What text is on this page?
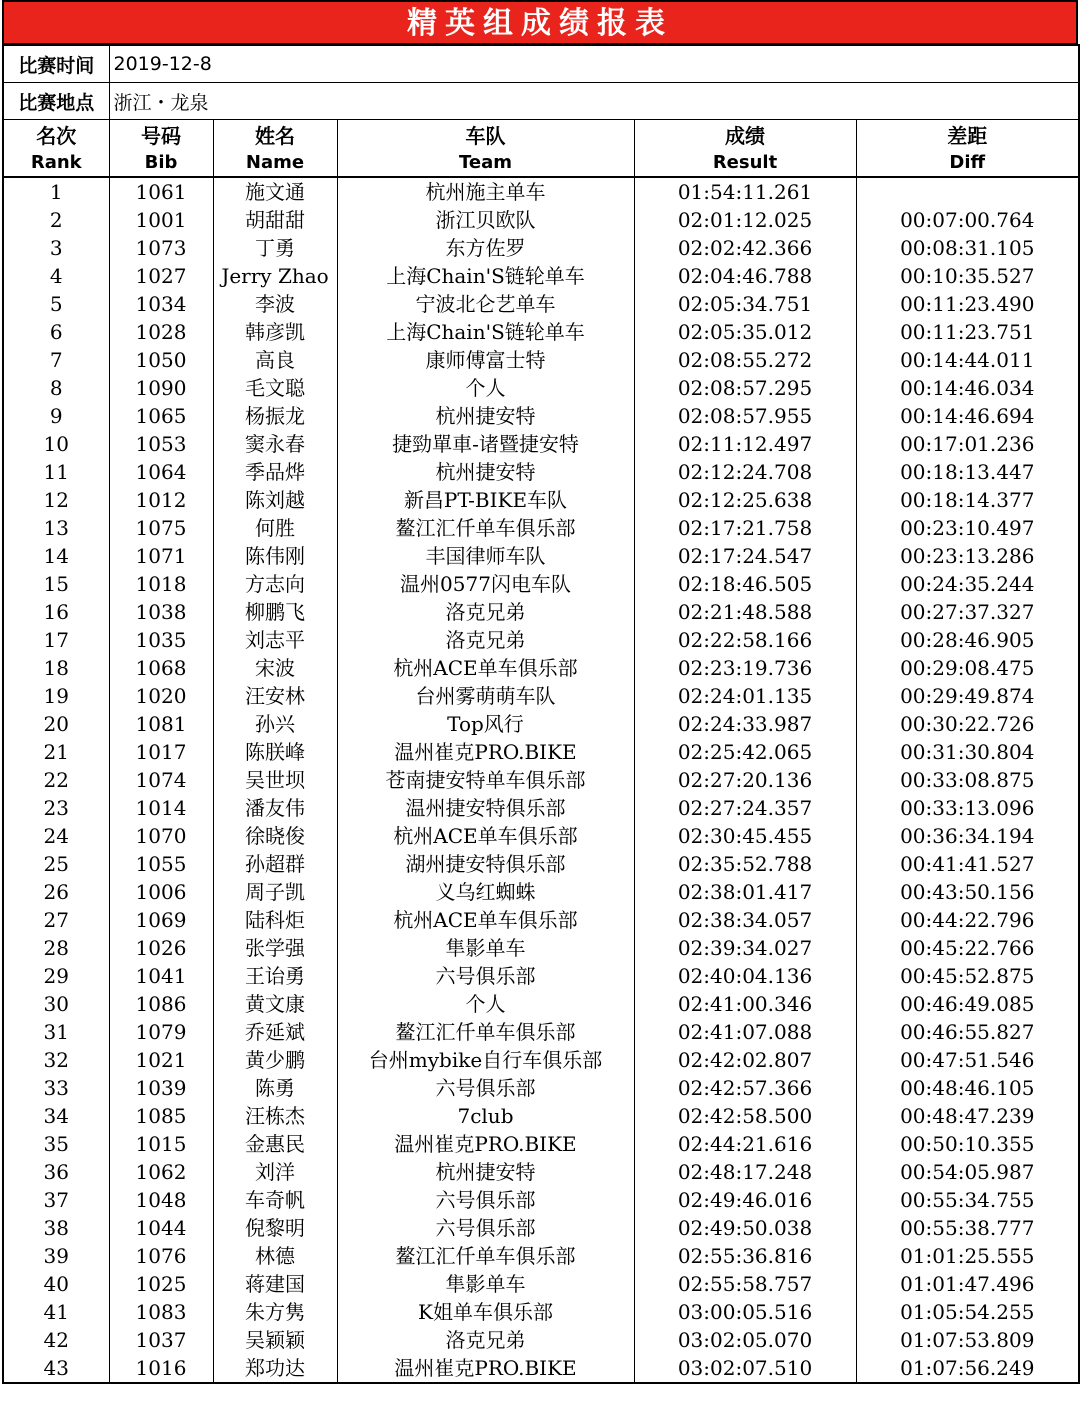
精英组成绩报表
比赛时间	2019-12-8				
比赛地点	浙江・龙泉				
名次	号码	姓名	车队	成绩	差距
Rank	Bib	Name	Team	Result	Diff
1	1061	施文通	杭州施主单车	01:54:11.261	
2	1001	胡甜甜	浙江贝欧队	02:01:12.025	00:07:00.764
3	1073	丁勇	东方佐罗	02:02:42.366	00:08:31.105
4	1027	Jerry Zhao	上海Chain'S链轮单车	02:04:46.788	00:10:35.527
5	1034	李波	宁波北仑艺单车	02:05:34.751	00:11:23.490
6	1028	韩彦凯	上海Chain'S链轮单车	02:05:35.012	00:11:23.751
7	1050	高良	康师傅富士特	02:08:55.272	00:14:44.011
8	1090	毛文聪	个人	02:08:57.295	00:14:46.034
9	1065	杨振龙	杭州捷安特	02:08:57.955	00:14:46.694
10	1053	窦永春	捷勁單車-诸暨捷安特	02:11:12.497	00:17:01.236
11	1064	季品烨	杭州捷安特	02:12:24.708	00:18:13.447
12	1012	陈刘越	新昌PT-BIKE车队	02:12:25.638	00:18:14.377
13	1075	何胜	鳌江汇仟单车俱乐部	02:17:21.758	00:23:10.497
14	1071	陈伟刚	丰国律师车队	02:17:24.547	00:23:13.286
15	1018	方志向	温州0577闪电车队	02:18:46.505	00:24:35.244
16	1038	柳鹏飞	洛克兄弟	02:21:48.588	00:27:37.327
17	1035	刘志平	洛克兄弟	02:22:58.166	00:28:46.905
18	1068	宋波	杭州ACE单车俱乐部	02:23:19.736	00:29:08.475
19	1020	汪安林	台州雾萌萌车队	02:24:01.135	00:29:49.874
20	1081	孙兴	Top风行	02:24:33.987	00:30:22.726
21	1017	陈朕峰	温州崔克PRO.BIKE	02:25:42.065	00:31:30.804
22	1074	吴世坝	苍南捷安特单车俱乐部	02:27:20.136	00:33:08.875
23	1014	潘友伟	温州捷安特俱乐部	02:27:24.357	00:33:13.096
24	1070	徐晓俊	杭州ACE单车俱乐部	02:30:45.455	00:36:34.194
25	1055	孙超群	湖州捷安特俱乐部	02:35:52.788	00:41:41.527
26	1006	周子凯	义乌红蜘蛛	02:38:01.417	00:43:50.156
27	1069	陆科炬	杭州ACE单车俱乐部	02:38:34.057	00:44:22.796
28	1026	张学强	隼影单车	02:39:34.027	00:45:22.766
29	1041	王诒勇	六号俱乐部	02:40:04.136	00:45:52.875
30	1086	黄文康	个人	02:41:00.346	00:46:49.085
31	1079	乔延斌	鳌江汇仟单车俱乐部	02:41:07.088	00:46:55.827
32	1021	黄少鹏	台州mybike自行车俱乐部	02:42:02.807	00:47:51.546
33	1039	陈勇	六号俱乐部	02:42:57.366	00:48:46.105
34	1085	汪栋杰	7club	02:42:58.500	00:48:47.239
35	1015	金惠民	温州崔克PRO.BIKE	02:44:21.616	00:50:10.355
36	1062	刘洋	杭州捷安特	02:48:17.248	00:54:05.987
37	1048	车奇帆	六号俱乐部	02:49:46.016	00:55:34.755
38	1044	倪黎明	六号俱乐部	02:49:50.038	00:55:38.777
39	1076	林德	鳌江汇仟单车俱乐部	02:55:36.816	01:01:25.555
40	1025	蒋建国	隼影单车	02:55:58.757	01:01:47.496
41	1083	朱方隽	K姐单车俱乐部	03:00:05.516	01:05:54.255
42	1037	吴颖颖	洛克兄弟	03:02:05.070	01:07:53.809
43	1016	郑功达	温州崔克PRO.BIKE	03:02:07.510	01:07:56.249
